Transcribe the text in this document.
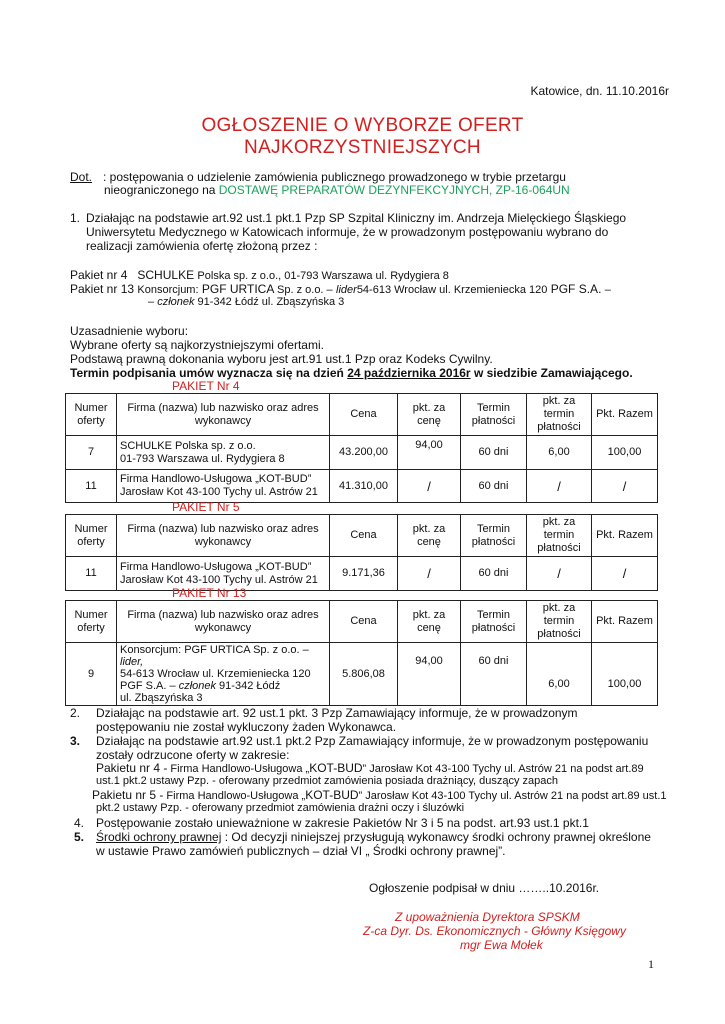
Katowice, dn. 11.10.2016r
OGŁOSZENIE O WYBORZE OFERT
NAJKORZYSTNIEJSZYCH
Dot. : postępowania o udzielenie zamówienia publicznego prowadzonego w trybie przetargu
nieograniczonego na DOSTAWĘ PREPARATÓW DEZYNFEKCYJNYCH, ZP-16-064UN
1. Działając na podstawie art.92 ust.1 pkt.1 Pzp SP Szpital Kliniczny im. Andrzeja Mielęckiego Śląskiego
Uniwersytetu Medycznego w Katowicach informuje, że w prowadzonym postępowaniu wybrano do
realizacji zamówienia ofertę złożoną przez :
Pakiet nr 4 SCHULKE Polska sp. z o.o., 01-793 Warszawa ul. Rydygiera 8
Pakiet nr 13 Konsorcjum: PGF URTICA Sp. z o.o. – lider54-613 Wrocław ul. Krzemieniecka 120 PGF S.A. –
– członek 91-342 Łódź ul. Zbąszyńska 3
Uzasadnienie wyboru:
Wybrane oferty są najkorzystniejszymi ofertami.
Podstawą prawną dokonania wyboru jest art.91 ust.1 Pzp oraz Kodeks Cywilny.
Termin podpisania umów wyznacza się na dzień 24 października 2016r w siedzibie Zamawiającego.
PAKIET Nr 4
Numer oferty	Firma (nazwa) lub nazwisko oraz adres wykonawcy	Cena	pkt. za cenę	Termin płatności	pkt. za termin płatności	Pkt. Razem
7	SCHULKE Polska sp. z o.o.
01-793 Warszawa ul. Rydygiera 8	43.200,00	94,00	60 dni	6,00	100,00
11	Firma Handlowo-Usługowa „KOT-BUD”
Jarosław Kot 43-100 Tychy ul. Astrów 21	41.310,00	/	60 dni	/	/
PAKIET Nr 5
Numer oferty	Firma (nazwa) lub nazwisko oraz adres wykonawcy	Cena	pkt. za cenę	Termin płatności	pkt. za termin płatności	Pkt. Razem
11	Firma Handlowo-Usługowa „KOT-BUD”
Jarosław Kot 43-100 Tychy ul. Astrów 21	9.171,36	/	60 dni	/	/
PAKIET Nr 13
Numer oferty	Firma (nazwa) lub nazwisko oraz adres wykonawcy	Cena	pkt. za cenę	Termin płatności	pkt. za termin płatności	Pkt. Razem
9	Konsorcjum: PGF URTICA Sp. z o.o. – lider,
54-613 Wrocław ul. Krzemieniecka 120
PGF S.A. – członek 91-342 Łódź
ul. Zbąszyńska 3	5.806,08	94,00	60 dni	6,00	100,00
2. Działając na podstawie art. 92 ust.1 pkt. 3 Pzp Zamawiający informuje, że w prowadzonym
postępowaniu nie został wykluczony żaden Wykonawca.
3. Działając na podstawie art.92 ust.1 pkt.2 Pzp Zamawiający informuje, że w prowadzonym postępowaniu
zostały odrzucone oferty w zakresie:
Pakietu nr 4 - Firma Handlowo-Usługowa „KOT-BUD” Jarosław Kot 43-100 Tychy ul. Astrów 21 na podst art.89
ust.1 pkt.2 ustawy Pzp. - oferowany przedmiot zamówienia posiada drażniący, duszący zapach
Pakietu nr 5 - Firma Handlowo-Usługowa „KOT-BUD” Jarosław Kot 43-100 Tychy ul. Astrów 21 na podst art.89 ust.1
pkt.2 ustawy Pzp. - oferowany przedmiot zamówienia drażni oczy i śluzówki
4. Postępowanie zostało unieważnione w zakresie Pakietów Nr 3 i 5 na podst. art.93 ust.1 pkt.1
5. Środki ochrony prawnej : Od decyzji niniejszej przysługują wykonawcy środki ochrony prawnej określone
w ustawie Prawo zamówień publicznych – dział VI „ Środki ochrony prawnej”.
Ogłoszenie podpisał w dniu ……..10.2016r.
Z upoważnienia Dyrektora SPSKM
Z-ca Dyr. Ds. Ekonomicznych - Główny Księgowy
mgr Ewa Mołek
1
